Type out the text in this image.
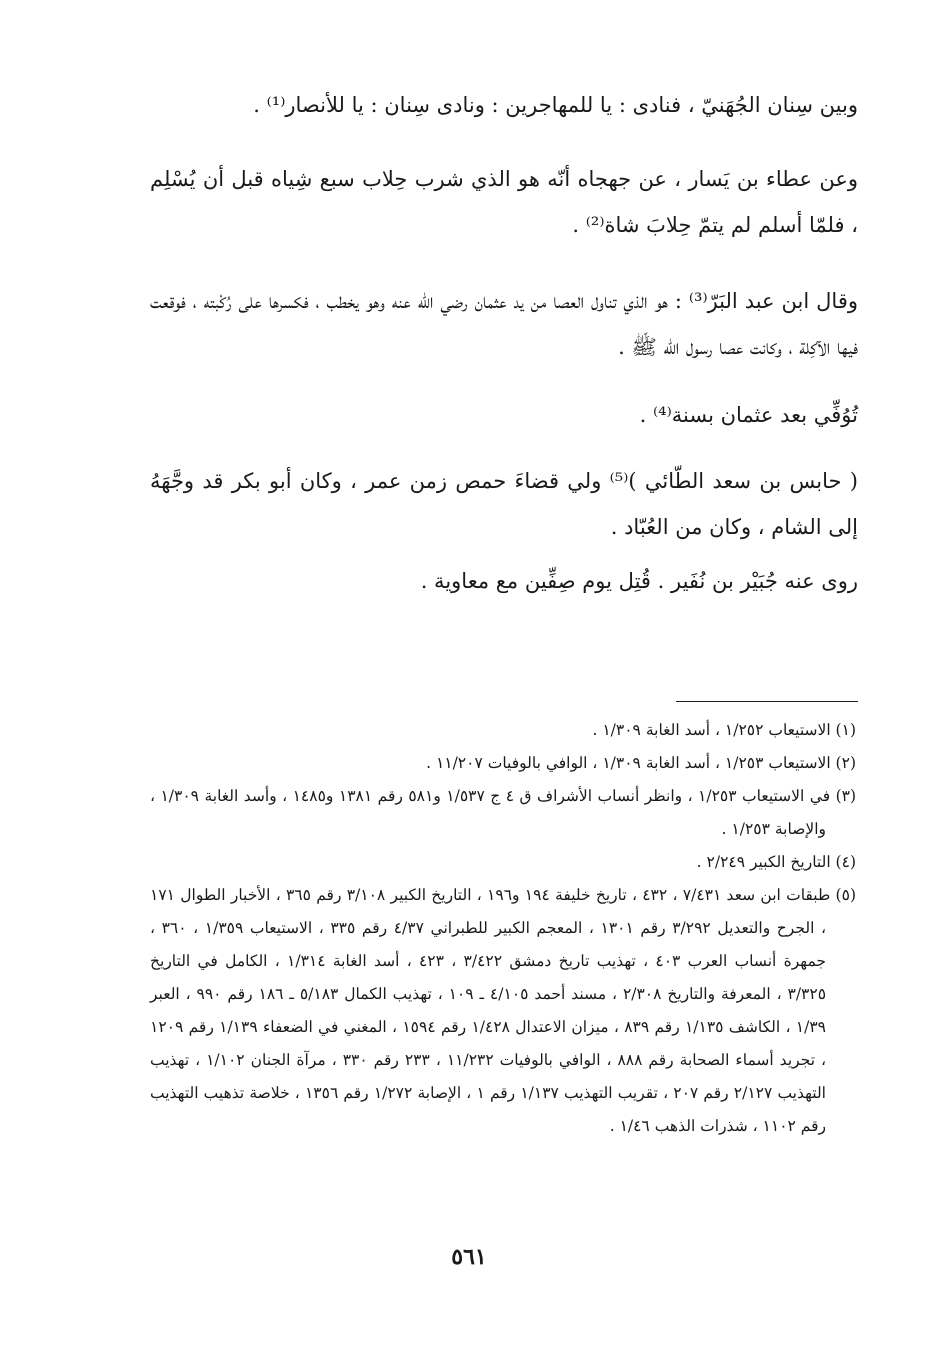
وبين سِنان الجُهَنيّ ، فنادى : يا للمهاجرين : ونادى سِنان : يا للأنصار⁽¹⁾ .

وعن عطاء بن يَسار ، عن جهجاه أنّه هو الذي شرب حِلاب سبع شِياه قبل أن يُسْلِم ، فلمّا أسلم لم يتمّ حِلابَ شاة⁽²⁾ .

وقال ابن عبد البَرّ⁽³⁾ : هو الذي تناول العصا من يد عثمان رضي الله عنه وهو يخطب ، فكسرها على رُكْبته ، فوقعت فيها الآكِلة ، وكانت عصا رسول الله ﷺ .

تُوُفِّي بعد عثمان بسنة⁽⁴⁾ .

( حابس بن سعد الطّائي )⁽⁵⁾ ولي قضاءَ حمص زمن عمر ، وكان أبو بكر قد وجَّهَهُ إلى الشام ، وكان من العُبّاد .

روى عنه جُبَيْر بن نُفَير . قُتِل يوم صِفِّين مع معاوية .

(١) الاستيعاب ١/٢٥٢ ، أسد الغابة ١/٣٠٩ .

(٢) الاستيعاب ١/٢٥٣ ، أسد الغابة ١/٣٠٩ ، الوافي بالوفيات ١١/٢٠٧ .

(٣) في الاستيعاب ١/٢٥٣ ، وانظر أنساب الأشراف ق ٤ ج ١/٥٣٧ و٥٨١ رقم ١٣٨١ و١٤٨٥ ، وأسد الغابة ١/٣٠٩ ، والإصابة ١/٢٥٣ .

(٤) التاريخ الكبير ٢/٢٤٩ .

(٥) طبقات ابن سعد ٧/٤٣١ ، ٤٣٢ ، تاريخ خليفة ١٩٤ و١٩٦ ، التاريخ الكبير ٣/١٠٨ رقم ٣٦٥ ، الأخبار الطوال ١٧١ ، الجرح والتعديل ٣/٢٩٢ رقم ١٣٠١ ، المعجم الكبير للطبراني ٤/٣٧ رقم ٣٣٥ ، الاستيعاب ١/٣٥٩ ، ٣٦٠ ، جمهرة أنساب العرب ٤٠٣ ، تهذيب تاريخ دمشق ٣/٤٢٢ ، ٤٢٣ ، أسد الغابة ١/٣١٤ ، الكامل في التاريخ ٣/٣٢٥ ، المعرفة والتاريخ ٢/٣٠٨ ، مسند أحمد ٤/١٠٥ ـ ١٠٩ ، تهذيب الكمال ٥/١٨٣ ـ ١٨٦ رقم ٩٩٠ ، العبر ١/٣٩ ، الكاشف ١/١٣٥ رقم ٨٣٩ ، ميزان الاعتدال ١/٤٢٨ رقم ١٥٩٤ ، المغني في الضعفاء ١/١٣٩ رقم ١٢٠٩ ، تجريد أسماء الصحابة رقم ٨٨٨ ، الوافي بالوفيات ١١/٢٣٢ ، ٢٣٣ رقم ٣٣٠ ، مرآة الجنان ١/١٠٢ ، تهذيب التهذيب ٢/١٢٧ رقم ٢٠٧ ، تقريب التهذيب ١/١٣٧ رقم ١ ، الإصابة ١/٢٧٢ رقم ١٣٥٦ ، خلاصة تذهيب التهذيب رقم ١١٠٢ ، شذرات الذهب ١/٤٦ .

٥٦١
